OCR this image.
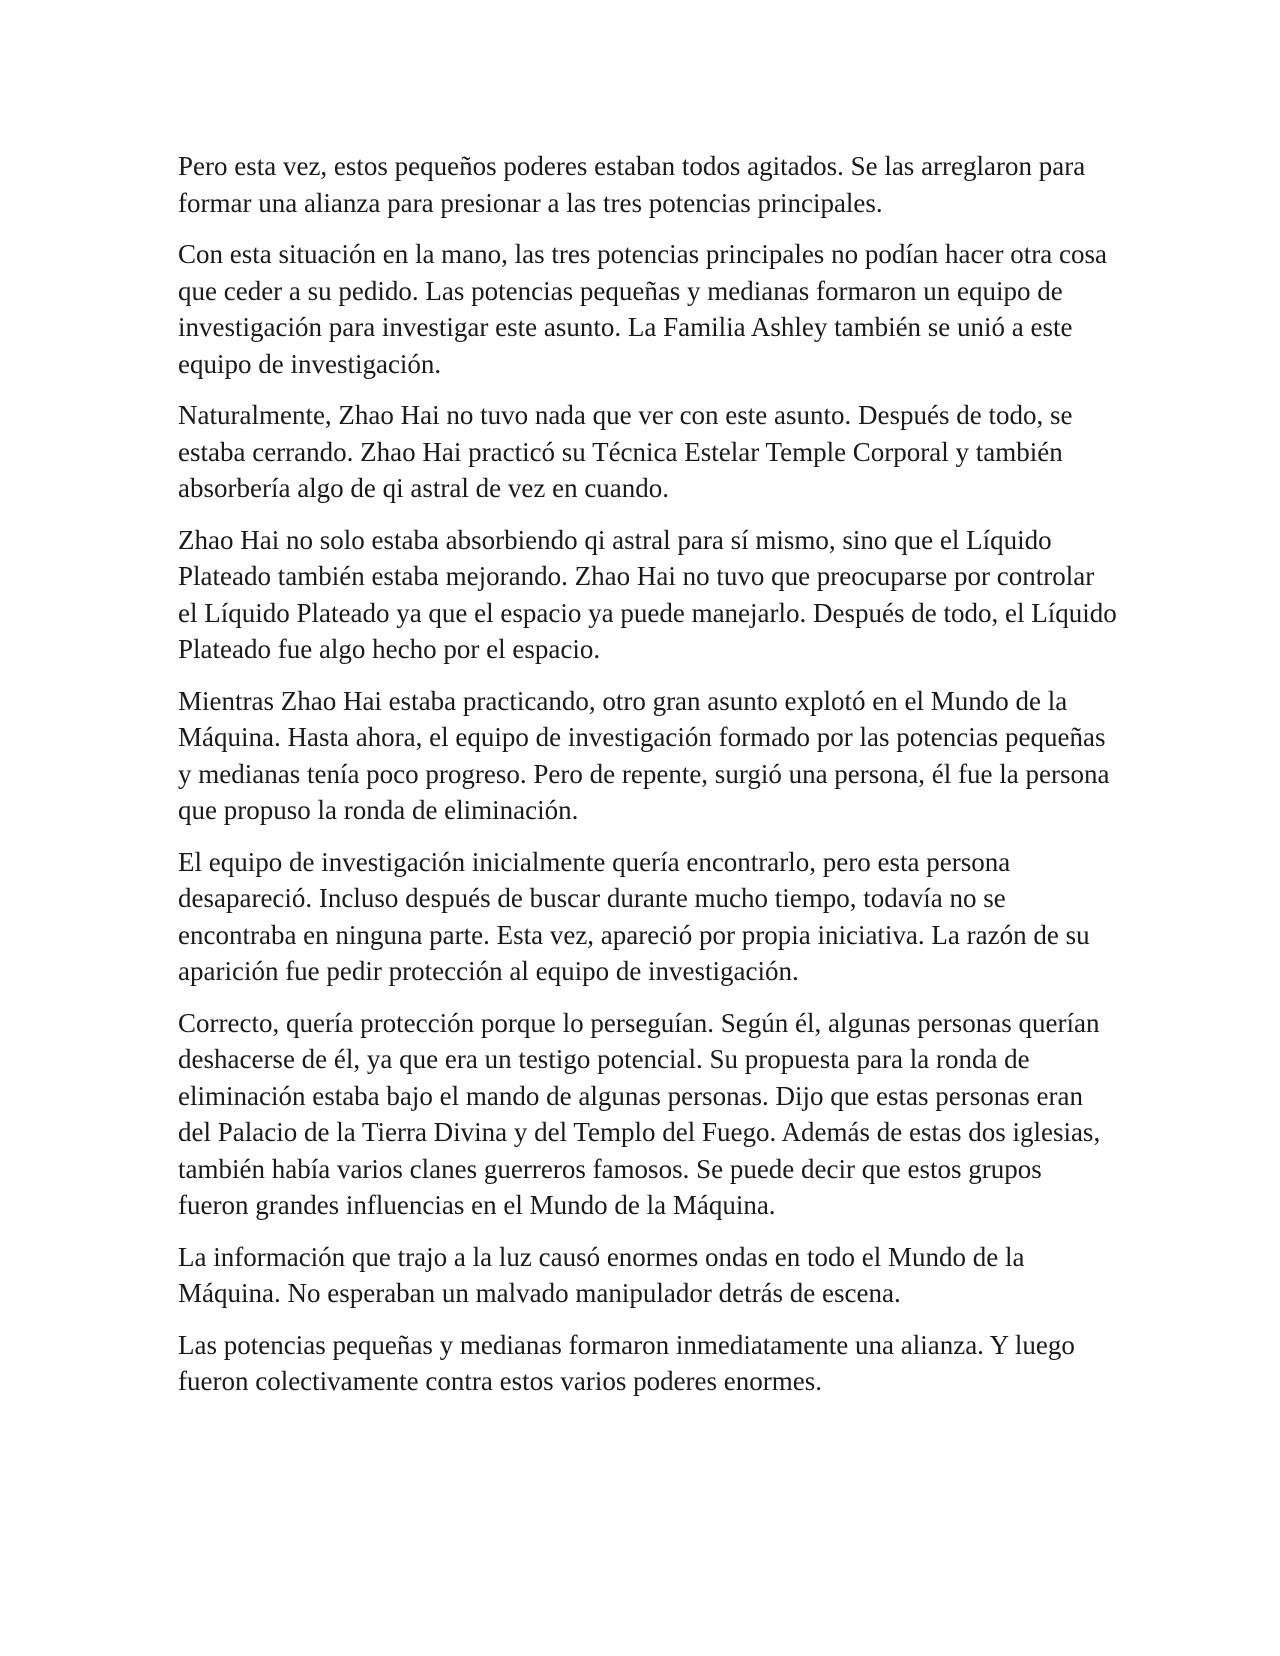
Pero esta vez, estos pequeños poderes estaban todos agitados. Se las arreglaron para formar una alianza para presionar a las tres potencias principales.

Con esta situación en la mano, las tres potencias principales no podían hacer otra cosa que ceder a su pedido. Las potencias pequeñas y medianas formaron un equipo de investigación para investigar este asunto. La Familia Ashley también se unió a este equipo de investigación.

Naturalmente, Zhao Hai no tuvo nada que ver con este asunto. Después de todo, se estaba cerrando. Zhao Hai practicó su Técnica Estelar Temple Corporal y también absorbería algo de qi astral de vez en cuando.

Zhao Hai no solo estaba absorbiendo qi astral para sí mismo, sino que el Líquido Plateado también estaba mejorando. Zhao Hai no tuvo que preocuparse por controlar el Líquido Plateado ya que el espacio ya puede manejarlo. Después de todo, el Líquido Plateado fue algo hecho por el espacio.

Mientras Zhao Hai estaba practicando, otro gran asunto explotó en el Mundo de la Máquina. Hasta ahora, el equipo de investigación formado por las potencias pequeñas y medianas tenía poco progreso. Pero de repente, surgió una persona, él fue la persona que propuso la ronda de eliminación.

El equipo de investigación inicialmente quería encontrarlo, pero esta persona desapareció. Incluso después de buscar durante mucho tiempo, todavía no se encontraba en ninguna parte. Esta vez, apareció por propia iniciativa. La razón de su aparición fue pedir protección al equipo de investigación.

Correcto, quería protección porque lo perseguían. Según él, algunas personas querían deshacerse de él, ya que era un testigo potencial. Su propuesta para la ronda de eliminación estaba bajo el mando de algunas personas. Dijo que estas personas eran del Palacio de la Tierra Divina y del Templo del Fuego. Además de estas dos iglesias, también había varios clanes guerreros famosos. Se puede decir que estos grupos fueron grandes influencias en el Mundo de la Máquina.

La información que trajo a la luz causó enormes ondas en todo el Mundo de la Máquina. No esperaban un malvado manipulador detrás de escena.

Las potencias pequeñas y medianas formaron inmediatamente una alianza. Y luego fueron colectivamente contra estos varios poderes enormes.
